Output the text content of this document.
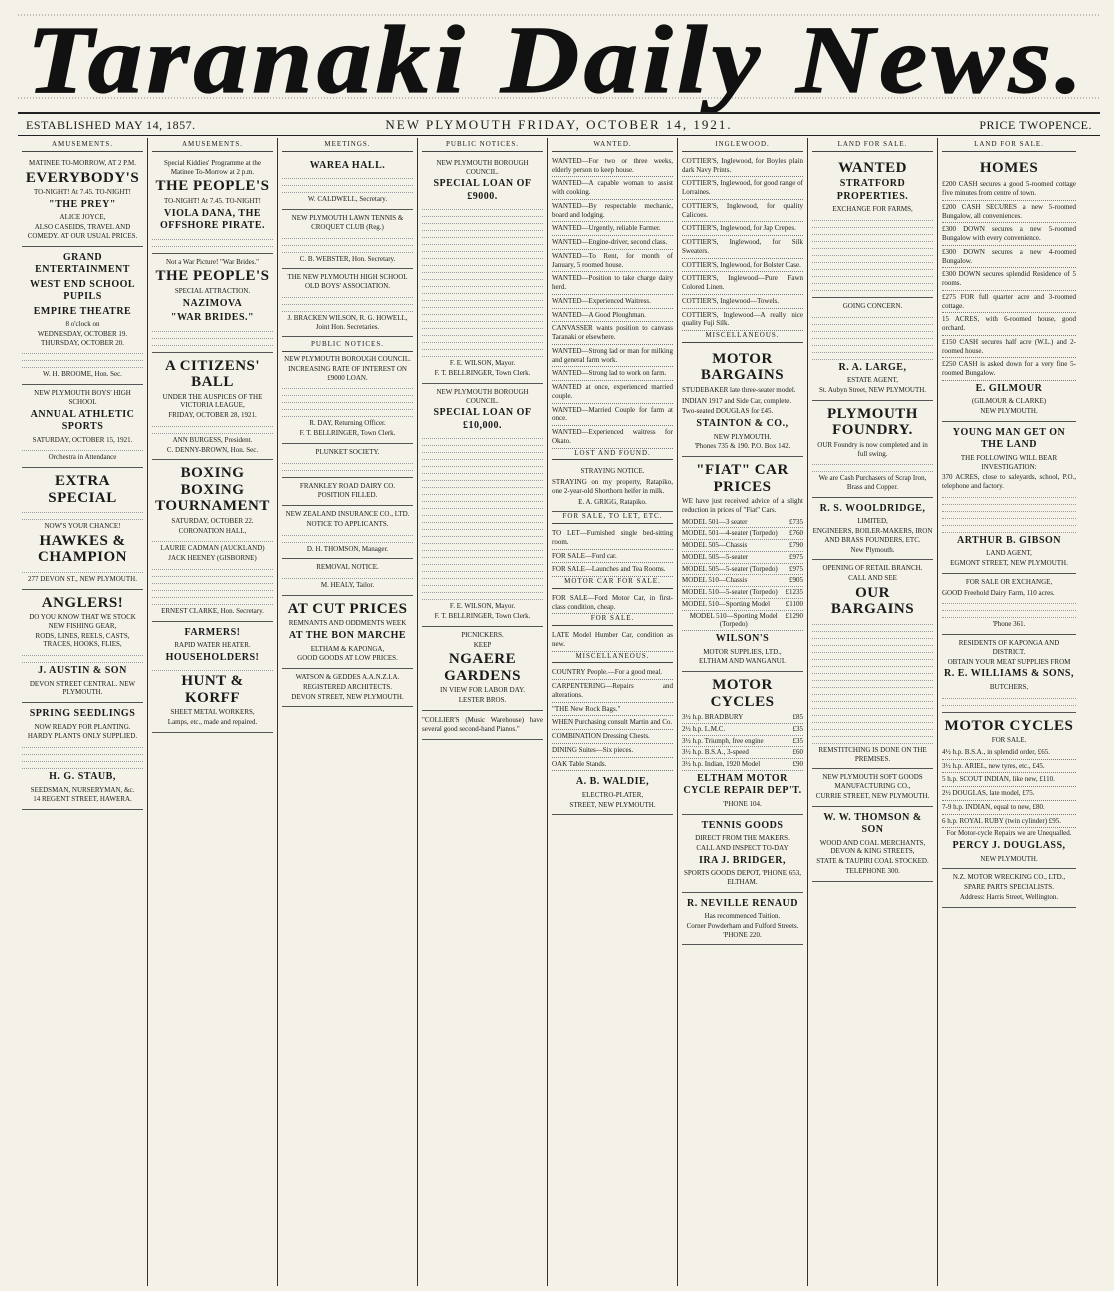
Taranaki Daily News.
ESTABLISHED MAY 14, 1857.	NEW PLYMOUTH FRIDAY, OCTOBER 14, 1921.	PRICE TWOPENCE.
AMUSEMENTS.
MATINEE TO-MORROW, AT 2 P.M.
EVERYBODY'S
TO-NIGHT! At 7.45. TO-NIGHT!
"THE PREY"
ALICE JOYCE,
ALSO CASEIDS, TRAVEL AND COMEDY. AT OUR USUAL PRICES.
GRAND ENTERTAINMENT
WEST END SCHOOL PUPILS
EMPIRE THEATRE
8 o'clock on
WEDNESDAY, OCTOBER 19. THURSDAY, OCTOBER 20.
W. H. BROOME, Hon. Sec.
NEW PLYMOUTH BOYS' HIGH SCHOOL
ANNUAL ATHLETIC SPORTS
SATURDAY, OCTOBER 15, 1921.
Orchestra in Attendance
EXTRA SPECIAL
NOW'S YOUR CHANCE!
HAWKES & CHAMPION
277 DEVON ST., NEW PLYMOUTH.
ANGLERS!
DO YOU KNOW THAT WE STOCK NEW FISHING GEAR,
RODS, LINES, REELS, CASTS, TRACES, HOOKS, FLIES,
J. AUSTIN & SON
DEVON STREET CENTRAL. NEW PLYMOUTH.
SPRING SEEDLINGS
NOW READY FOR PLANTING.
HARDY PLANTS ONLY SUPPLIED.
H. G. STAUB,
SEEDSMAN, NURSERYMAN, &c.
14 REGENT STREET, HAWERA.
AMUSEMENTS.
Special Kiddies' Programme at the Matinee To-Morrow at 2 p.m.
THE PEOPLE'S
TO-NIGHT! At 7.45. TO-NIGHT!
VIOLA DANA, THE OFFSHORE PIRATE.
Not a War Picture! "War Brides."
THE PEOPLE'S
SPECIAL ATTRACTION.
NAZIMOVA
"WAR BRIDES."
A CITIZENS' BALL
UNDER THE AUSPICES OF THE VICTORIA LEAGUE,
FRIDAY, OCTOBER 28, 1921.
ANN BURGESS, President.
C. DENNY-BROWN, Hon. Sec.
BOXING BOXING TOURNAMENT
SATURDAY, OCTOBER 22.
CORONATION HALL,
LAURIE CADMAN (AUCKLAND)
JACK HEENEY (GISBORNE)
ERNEST CLARKE, Hon. Secretary.
FARMERS!
RAPID WATER HEATER.
HOUSEHOLDERS!
HUNT & KORFF
SHEET METAL WORKERS,
Lamps, etc., made and repaired.
MEETINGS.
WAREA HALL.
W. CALDWELL, Secretary.
NEW PLYMOUTH LAWN TENNIS & CROQUET CLUB (Reg.)
C. B. WEBSTER, Hon. Secretary.
THE NEW PLYMOUTH HIGH SCHOOL OLD BOYS' ASSOCIATION.
J. BRACKEN WILSON, R. G. HOWELL, Joint Hon. Secretaries.
PUBLIC NOTICES.
NEW PLYMOUTH BOROUGH COUNCIL.
INCREASING RATE OF INTEREST ON £9000 LOAN.
R. DAY, Returning Officer.
F. T. BELLRINGER, Town Clerk.
PLUNKET SOCIETY.
FRANKLEY ROAD DAIRY CO.
POSITION FILLED.
NEW ZEALAND INSURANCE CO., LTD.
NOTICE TO APPLICANTS.
D. H. THOMSON, Manager.
REMOVAL NOTICE.
M. HEALY, Tailor.
AT CUT PRICES
REMNANTS AND ODDMENTS WEEK
AT THE BON MARCHE
ELTHAM & KAPONGA,
GOOD GOODS AT LOW PRICES.
WATSON & GEDDES A.A.N.Z.I.A.
REGISTERED ARCHITECTS.
DEVON STREET, NEW PLYMOUTH.
PUBLIC NOTICES.
NEW PLYMOUTH BOROUGH COUNCIL.
SPECIAL LOAN OF £9000.
F. E. WILSON, Mayor.
F. T. BELLRINGER, Town Clerk.
NEW PLYMOUTH BOROUGH COUNCIL.
SPECIAL LOAN OF £10,000.
F. E. WILSON, Mayor.
F. T. BELLRINGER, Town Clerk.
PICNICKERS.
KEEP
NGAERE GARDENS
IN VIEW FOR LABOR DAY.
LESTER BROS.
"COLLIER'S (Music Warehouse) have several good second-hand Pianos."
WANTED.
WANTED—For two or three weeks, elderly person to keep house.
WANTED—A capable woman to assist with cooking.
WANTED—By respectable mechanic, board and lodging.
WANTED—Urgently, reliable Farmer.
WANTED—Engine-driver, second class.
WANTED—To Rent, for month of January, 5 roomed house.
WANTED—Position to take charge dairy herd.
WANTED—Experienced Waitress.
WANTED—A Good Ploughman.
CANVASSER wants position to canvass Taranaki or elsewhere.
WANTED—Strong lad or man for milking and general farm work.
WANTED—Strong lad to work on farm.
WANTED at once, experienced married couple.
WANTED—Married Couple for farm at once.
WANTED—Experienced waitress for Okato.
LOST AND FOUND.
STRAYING NOTICE.
STRAYING on my property, Ratapiko, one 2-year-old Shorthorn heifer in milk.
E. A. GRIGG, Ratapiko.
FOR SALE, TO LET, ETC.
TO LET—Furnished single bed-sitting room.
FOR SALE—Ford car.
FOR SALE—Launches and Tea Rooms.
MOTOR CAR FOR SALE.
FOR SALE—Ford Motor Car, in first-class condition, cheap.
FOR SALE.
LATE Model Humber Car, condition as new.
MISCELLANEOUS.
COUNTRY People.—For a good meal.
CARPENTERING—Repairs and alterations.
"THE New Rock Bags."
WHEN Purchasing consult Martin and Co.
COMBINATION Dressing Chests.
DINING Suites—Six pieces.
OAK Table Stands.
A. B. WALDIE,
ELECTRO-PLATER,
STREET, NEW PLYMOUTH.
INGLEWOOD.
COTTIER'S, Inglewood, for Boyles plain dark Navy Prints.
COTTIER'S, Inglewood, for good range of Lorraines.
COTTIER'S, Inglewood, for quality Calicoes.
COTTIER'S, Inglewood, for Jap Crepes.
COTTIER'S, Inglewood, for Silk Sweaters.
COTTIER'S, Inglewood, for Bolster Case.
COTTIER'S, Inglewood—Pure Fawn Colored Linen.
COTTIER'S, Inglewood—Towels.
COTTIER'S, Inglewood—A really nice quality Fuji Silk.
MISCELLANEOUS.
MOTOR BARGAINS
STUDEBAKER late three-seater model.
INDIAN 1917 and Side Car, complete.
Two-seated DOUGLAS for £45.
STAINTON & CO.,
NEW PLYMOUTH.
'Phones 735 & 190. P.O. Box 142.
"FIAT" CAR PRICES
WE have just received advice of a slight reduction in prices of "Fiat" Cars.
MODEL 501—3 seater	£735
MODEL 501—4-seater (Torpedo) £760
MODEL 505—Chassis	£790
MODEL 505—5-seater	£975
MODEL 505—5-seater (Torpedo) £975
MODEL 510—Chassis	£905
MODEL 510—5-seater (Torpedo) £1235
MODEL 510—Sporting Model £1100
MODEL 510—Sporting Model (Torpedo)
£1290
WILSON'S
MOTOR SUPPLIES, LTD.,
ELTHAM AND WANGANUI.
MOTOR CYCLES
3½ h.p. BRADBURY	£85
2½ h.p. L.M.C.	£35
3½ h.p. Triumph, free engine	£35
3½ h.p. B.S.A., 3-speed	£60
3½ h.p. Indian, 1920 Model	£90
ELTHAM MOTOR CYCLE REPAIR DEP'T.
'PHONE 104.
TENNIS GOODS
DIRECT FROM THE MAKERS.
CALL AND INSPECT TO-DAY
IRA J. BRIDGER,
SPORTS GOODS DEPOT, 'PHONE 653, ELTHAM.
R. NEVILLE RENAUD
Has recommenced Tuition.
Corner Powderham and Fulford Streets. 'PHONE 220.
LAND FOR SALE.
WANTED
STRATFORD PROPERTIES.
EXCHANGE FOR FARMS,
GOING CONCERN.
R. A. LARGE,
ESTATE AGENT,
St. Aubyn Street, NEW PLYMOUTH.
PLYMOUTH FOUNDRY.
OUR Foundry is now completed and in full swing.
We are Cash Purchasers of Scrap Iron, Brass and Copper.
R. S. WOOLDRIDGE,
LIMITED,
ENGINEERS, BOILER-MAKERS, IRON AND BRASS FOUNDERS, ETC.
New Plymouth.
OPENING OF RETAIL BRANCH.
CALL AND SEE
OUR BARGAINS
REMSTITCHING IS DONE ON THE PREMISES.
NEW PLYMOUTH SOFT GOODS MANUFACTURING CO.,
CURRIE STREET, NEW PLYMOUTH.
W. W. THOMSON & SON
WOOD AND COAL MERCHANTS, DEVON & KING STREETS,
STATE & TAUPIRI COAL STOCKED.
TELEPHONE 300.
LAND FOR SALE.
HOMES
£200 CASH secures a good 5-roomed cottage five minutes from centre of town.
£200 CASH SECURES a new 5-roomed Bungalow, all conveniences.
£300 DOWN secures a new 5-roomed Bungalow with every convenience.
£300 DOWN secures a new 4-roomed Bungalow.
£300 DOWN secures splendid Residence of 5 rooms.
£275 FOR full quarter acre and 3-roomed cottage.
15 ACRES, with 6-roomed house, good orchard.
£150 CASH secures half acre (W.L.) and 2-roomed house.
£250 CASH is asked down for a very fine 5-roomed Bungalow.
E. GILMOUR
(GILMOUR & CLARKE)
NEW PLYMOUTH.
YOUNG MAN GET ON THE LAND
THE FOLLOWING WILL BEAR INVESTIGATION:
370 ACRES, close to saleyards, school, P.O., telephone and factory.
ARTHUR B. GIBSON
LAND AGENT,
EGMONT STREET, NEW PLYMOUTH.
FOR SALE OR EXCHANGE,
GOOD Freehold Dairy Farm, 110 acres.
'Phone 361.
RESIDENTS OF KAPONGA AND DISTRICT.
OBTAIN YOUR MEAT SUPPLIES FROM
R. E. WILLIAMS & SONS,
BUTCHERS,
MOTOR CYCLES
FOR SALE.
4½ h.p. B.S.A., in splendid order, £65.
3½ h.p. ARIEL, new tyres, etc., £45.
5 h.p. SCOUT INDIAN, like new, £110.
2½ DOUGLAS, late model, £75.
7-9 h.p. INDIAN, equal to new, £80.
6 h.p. ROYAL RUBY (twin cylinder) £95.
For Motor-cycle Repairs we are Unequalled.
PERCY J. DOUGLASS,
NEW PLYMOUTH.
N.Z. MOTOR WRECKING CO., LTD.,
SPARE PARTS SPECIALISTS.
Address: Harris Street, Wellington.
